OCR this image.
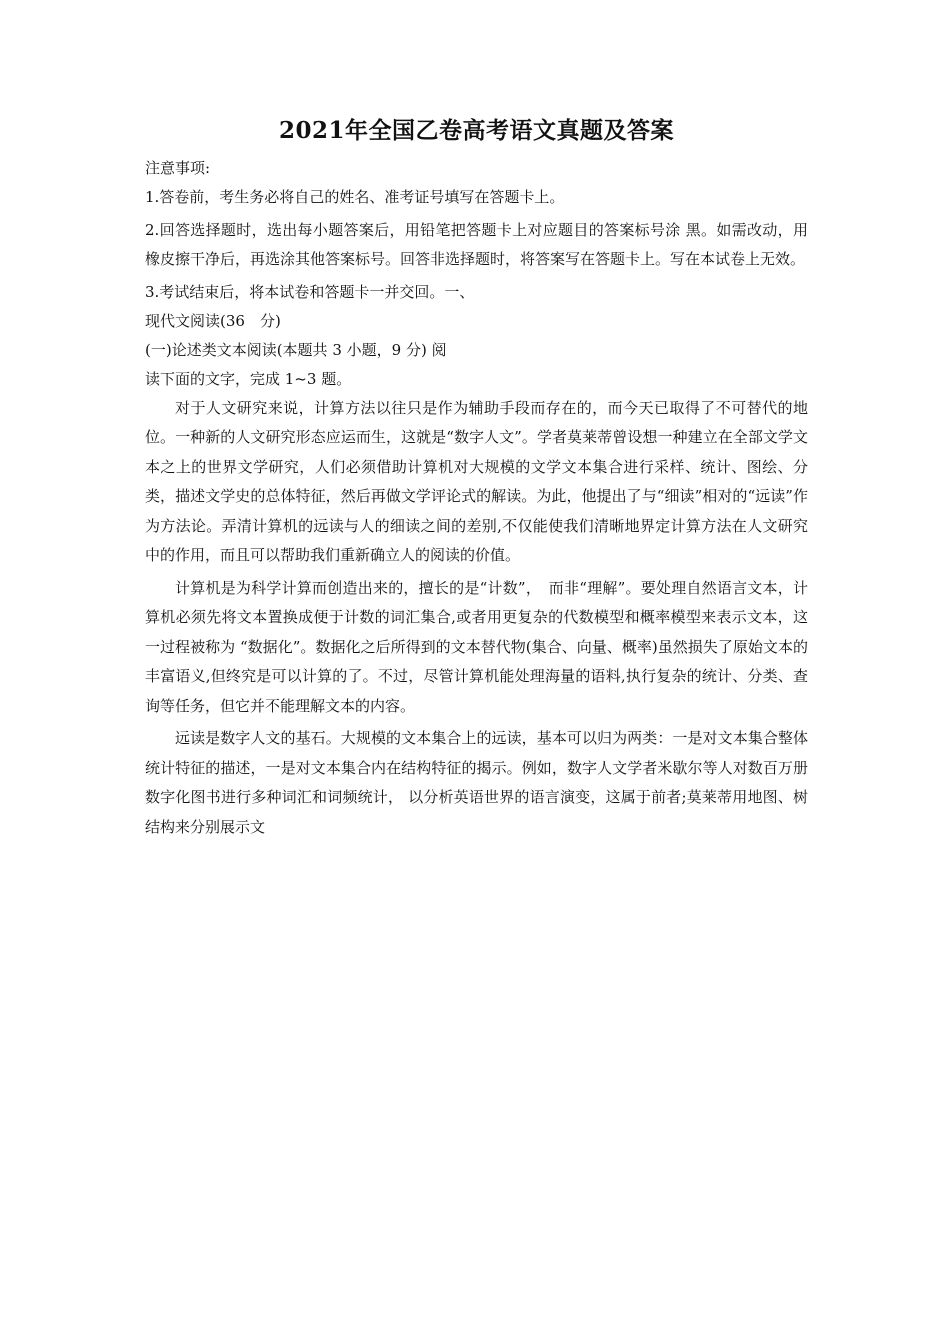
2021年全国乙卷高考语文真题及答案

注意事项:

1.答卷前，考生务必将自己的姓名、准考证号填写在答题卡上。

2.回答选择题时，选出每小题答案后，用铅笔把答题卡上对应题目的答案标号涂 黑。如需改动，用橡皮擦干净后，再选涂其他答案标号。回答非选择题时，将答案写在答题卡上。写在本试卷上无效。

3.考试结束后，将本试卷和答题卡一并交回。一、

现代文阅读(36　分)

(一)论述类文本阅读(本题共 3 小题，9 分) 阅

读下面的文字，完成 1~3 题。

对于人文研究来说，计算方法以往只是作为辅助手段而存在的，而今天已取得了不可替代的地位。一种新的人文研究形态应运而生，这就是“数字人文”。学者莫莱蒂曾设想一种建立在全部文学文本之上的世界文学研究，人们必须借助计算机对大规模的文学文本集合进行采样、统计、图绘、分类，描述文学史的总体特征，然后再做文学评论式的解读。为此，他提出了与“细读”相对的“远读”作为方法论。弄清计算机的远读与人的细读之间的差别,不仅能使我们清晰地界定计算方法在人文研究中的作用，而且可以帮助我们重新确立人的阅读的价值。

计算机是为科学计算而创造出来的，擅长的是“计数”，　而非“理解”。要处理自然语言文本，计算机必须先将文本置换成便于计数的词汇集合,或者用更复杂的代数模型和概率模型来表示文本，这一过程被称为 “数据化”。数据化之后所得到的文本替代物(集合、向量、概率)虽然损失了原始文本的丰富语义,但终究是可以计算的了。不过，尽管计算机能处理海量的语料,执行复杂的统计、分类、查询等任务，但它并不能理解文本的内容。

远读是数字人文的基石。大规模的文本集合上的远读，基本可以归为两类：一是对文本集合整体统计特征的描述，一是对文本集合内在结构特征的揭示。例如，数字人文学者米歇尔等人对数百万册数字化图书进行多种词汇和词频统计， 以分析英语世界的语言演变，这属于前者;莫莱蒂用地图、树结构来分别展示文
